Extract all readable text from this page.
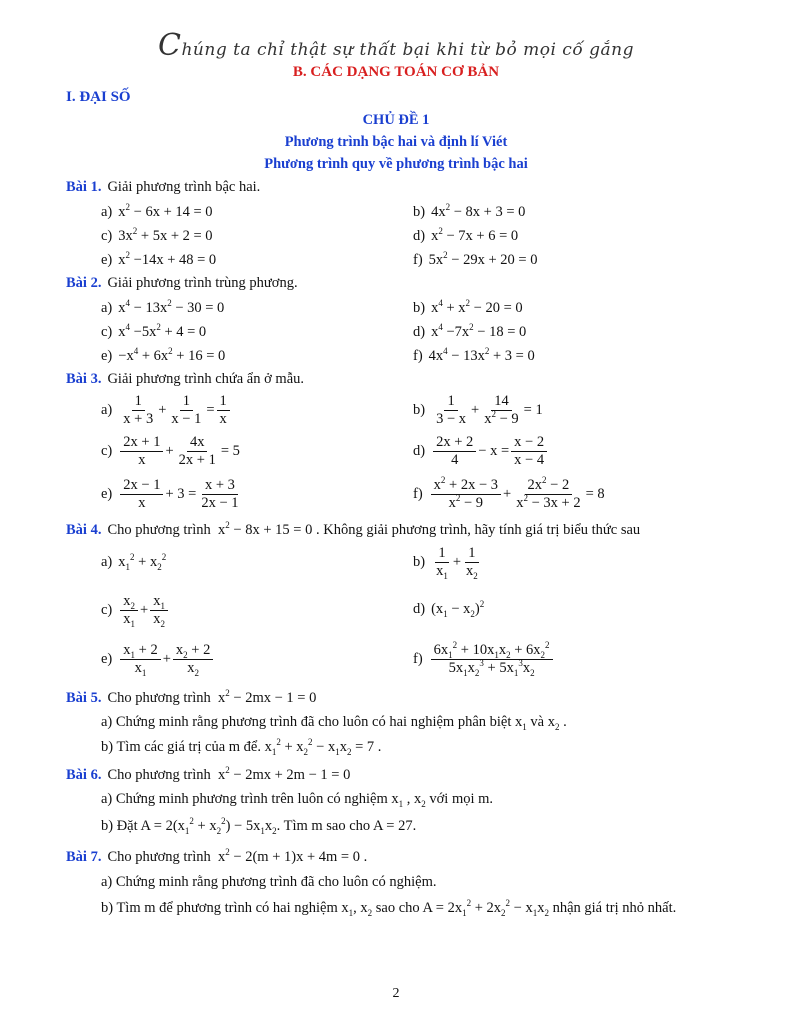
Chúng ta chỉ thật sự thất bại khi từ bỏ mọi cố gắng
B. CÁC DẠNG TOÁN CƠ BẢN
I. ĐẠI SỐ
CHỦ ĐỀ 1
Phương trình bậc hai và định lí Viét
Phương trình quy về phương trình bậc hai
Bài 1. Giải phương trình bậc hai.
a) $x^2 - 6x + 14 = 0$	b) $4x^2 - 8x + 3 = 0$
c) $3x^2 + 5x + 2 = 0$	d) $x^2 - 7x + 6 = 0$
e) $x^2 -14x + 48 = 0$	f) $5x^2 - 29x + 20 = 0$
Bài 2. Giải phương trình trùng phương.
a) $x^4 - 13x^2 - 30 = 0$	b) $x^4 + x^2 - 20 = 0$
c) $x^4 -5x^2 + 4 = 0$	d) $x^4 -7x^2 - 18 = 0$
$e) -x^4 + 6x^2 + 16 = 0$	f) $4x^4 - 13x^2 + 3 = 0$
Bài 3. Giải phương trình chứa ẩn ở mẫu.
$a) \frac{1}{x + 3} + \frac{1}{x - 1} = \frac{1}{x}$	$b) \frac{1}{3 - x} + \frac{14}{x^2 - 9} = 1$
$c) \frac{2x + 1}{x} + \frac{4x}{2x + 1} = 5$	$d) \frac{2x + 2}{4} - x = \frac{x - 2}{x - 4}$
$e) \frac{2x - 1}{x} + 3 = \frac{x + 3}{2x - 1}$	$f) \frac{x^2 + 2x - 3}{x^2 - 9} + \frac{2x^2 - 2}{x^2 - 3x + 2} = 8$
Bài 4. Cho phương trình  $x^2 - 8x + 15 = 0$ . Không giải phương trình, hãy tính giá trị biểu thức sau
a) $x_1^2 + x_2^2$	$b) \frac{1}{x_1} + \frac{1}{x_2}$
$c) \frac{x_2}{x_1} + \frac{x_1}{x_2}$	d) $(x_1 - x_2)^2$
$e) \frac{x_1 + 2}{x_1} + \frac{x_2 + 2}{x_2}$	$f) \frac{6x_1^2 + 10x_1x_2 + 6x_2^2}{5x_1x_2^3 + 5x_1^3x_2}$
Bài 5. Cho phương trình  $x^2 - 2mx - 1 = 0$
a) Chứng minh rằng phương trình đã cho luôn có hai nghiệm phân biệt $x_1$ và $x_2$ .
b) Tìm các giá trị của m để. $x_1^2 + x_2^2 - x_1x_2 = 7$ .
Bài 6. Cho phương trình  $x^2 - 2mx + 2m - 1 = 0$
a) Chứng minh phương trình trên luôn có nghiệm $x_1$ , $x_2$ với mọi m.
b) Đặt $A = 2(x_1^2 + x_2^2) - 5x_1x_2$. Tìm m sao cho A = 27.
Bài 7. Cho phương trình  $x^2 - 2(m + 1)x + 4m = 0$ .
a) Chứng minh rằng phương trình đã cho luôn có nghiệm.
b) Tìm m để phương trình có hai nghiệm $x_1$, $x_2$ sao cho $A = 2x_1^2 + 2x_2^2 - x_1x_2$ nhận giá trị nhỏ nhất.
2
